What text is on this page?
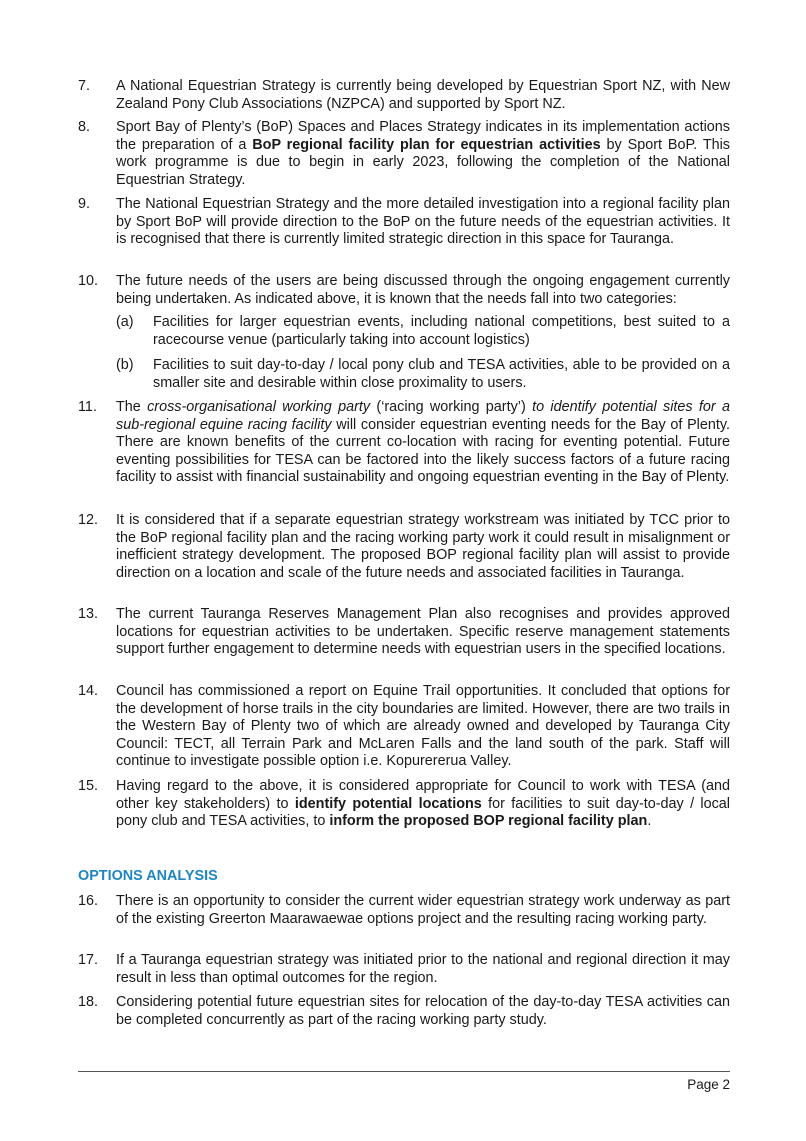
7. A National Equestrian Strategy is currently being developed by Equestrian Sport NZ, with New Zealand Pony Club Associations (NZPCA) and supported by Sport NZ.
8. Sport Bay of Plenty’s (BoP) Spaces and Places Strategy indicates in its implementation actions the preparation of a BoP regional facility plan for equestrian activities by Sport BoP. This work programme is due to begin in early 2023, following the completion of the National Equestrian Strategy.
9. The National Equestrian Strategy and the more detailed investigation into a regional facility plan by Sport BoP will provide direction to the BoP on the future needs of the equestrian activities. It is recognised that there is currently limited strategic direction in this space for Tauranga.
10. The future needs of the users are being discussed through the ongoing engagement currently being undertaken. As indicated above, it is known that the needs fall into two categories:
(a) Facilities for larger equestrian events, including national competitions, best suited to a racecourse venue (particularly taking into account logistics)
(b) Facilities to suit day-to-day / local pony club and TESA activities, able to be provided on a smaller site and desirable within close proximality to users.
11. The cross-organisational working party (‘racing working party’) to identify potential sites for a sub-regional equine racing facility will consider equestrian eventing needs for the Bay of Plenty. There are known benefits of the current co-location with racing for eventing potential. Future eventing possibilities for TESA can be factored into the likely success factors of a future racing facility to assist with financial sustainability and ongoing equestrian eventing in the Bay of Plenty.
12. It is considered that if a separate equestrian strategy workstream was initiated by TCC prior to the BoP regional facility plan and the racing working party work it could result in misalignment or inefficient strategy development. The proposed BOP regional facility plan will assist to provide direction on a location and scale of the future needs and associated facilities in Tauranga.
13. The current Tauranga Reserves Management Plan also recognises and provides approved locations for equestrian activities to be undertaken. Specific reserve management statements support further engagement to determine needs with equestrian users in the specified locations.
14. Council has commissioned a report on Equine Trail opportunities. It concluded that options for the development of horse trails in the city boundaries are limited. However, there are two trails in the Western Bay of Plenty two of which are already owned and developed by Tauranga City Council: TECT, all Terrain Park and McLaren Falls and the land south of the park. Staff will continue to investigate possible option i.e. Kopurererua Valley.
15. Having regard to the above, it is considered appropriate for Council to work with TESA (and other key stakeholders) to identify potential locations for facilities to suit day-to-day / local pony club and TESA activities, to inform the proposed BOP regional facility plan.
OPTIONS ANALYSIS
16. There is an opportunity to consider the current wider equestrian strategy work underway as part of the existing Greerton Maarawaewae options project and the resulting racing working party.
17. If a Tauranga equestrian strategy was initiated prior to the national and regional direction it may result in less than optimal outcomes for the region.
18. Considering potential future equestrian sites for relocation of the day-to-day TESA activities can be completed concurrently as part of the racing working party study.
Page 2
